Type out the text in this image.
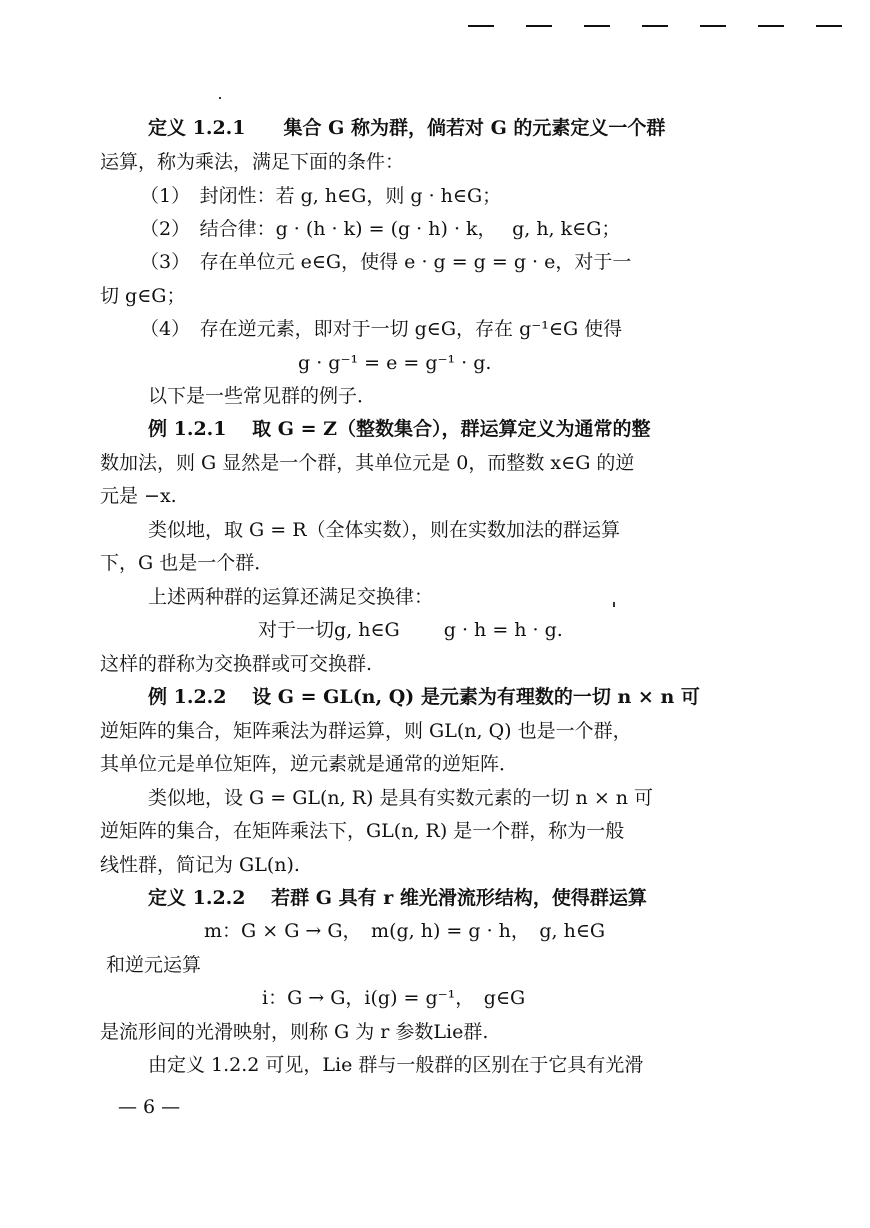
定义 1.2.1　　集合 G 称为群，倘若对 G 的元素定义一个群
运算，称为乘法，满足下面的条件：
（1）　封闭性：若 g, h∈G，则 g · h∈G；
（2）　结合律：g · (h · k) = (g · h) · k，　 g, h, k∈G；
（3）　存在单位元 e∈G，使得 e · g = g = g · e，对于一
切 g∈G；
（4）　存在逆元素，即对于一切 g∈G，存在 g⁻¹∈G 使得
g · g⁻¹ = e = g⁻¹ · g.
以下是一些常见群的例子．
例 1.2.1　 取 G = Z（整数集合），群运算定义为通常的整
数加法，则 G 显然是一个群，其单位元是 0，而整数 x∈G 的逆
元是 −x.
类似地，取 G = R（全体实数），则在实数加法的群运算
下，G 也是一个群．
上述两种群的运算还满足交换律：
对于一切g, h∈G　　 g · h = h · g.
这样的群称为交换群或可交换群.
例 1.2.2　 设 G = GL(n, Q) 是元素为有理数的一切 n × n 可
逆矩阵的集合，矩阵乘法为群运算，则 GL(n, Q) 也是一个群，
其单位元是单位矩阵，逆元素就是通常的逆矩阵．
类似地，设 G = GL(n, R) 是具有实数元素的一切 n × n 可
逆矩阵的集合，在矩阵乘法下，GL(n, R) 是一个群，称为一般
线性群，简记为 GL(n).
定义 1.2.2　 若群 G 具有 r 维光滑流形结构，使得群运算
m：G × G → G，　m(g, h) = g · h，　g, h∈G
和逆元运算
i：G → G，i(g) = g⁻¹，　g∈G
是流形间的光滑映射，则称 G 为 r 参数Lie群.
由定义 1.2.2 可见，Lie 群与一般群的区别在于它具有光滑
— 6 —
